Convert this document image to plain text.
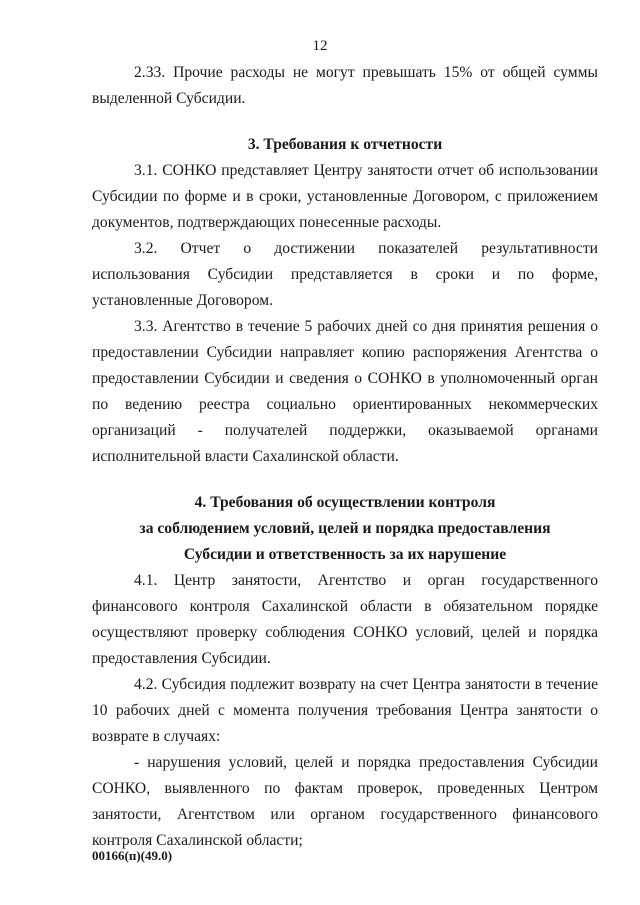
12

2.33. Прочие расходы не могут превышать 15% от общей суммы выделенной Субсидии.

3. Требования к отчетности

3.1. СОНКО представляет Центру занятости отчет об использовании Субсидии по форме и в сроки, установленные Договором, с приложением документов, подтверждающих понесенные расходы.

3.2. Отчет о достижении показателей результативности использования Субсидии представляется в сроки и по форме, установленные Договором.

3.3. Агентство в течение 5 рабочих дней со дня принятия решения о предоставлении Субсидии направляет копию распоряжения Агентства о предоставлении Субсидии и сведения о СОНКО в уполномоченный орган по ведению реестра социально ориентированных некоммерческих организаций - получателей поддержки, оказываемой органами исполнительной власти Сахалинской области.

4. Требования об осуществлении контроля
за соблюдением условий, целей и порядка предоставления
Субсидии и ответственность за их нарушение

4.1. Центр занятости, Агентство и орган государственного финансового контроля Сахалинской области в обязательном порядке осуществляют проверку соблюдения СОНКО условий, целей и порядка предоставления Субсидии.

4.2. Субсидия подлежит возврату на счет Центра занятости в течение 10 рабочих дней с момента получения требования Центра занятости о возврате в случаях:

- нарушения условий, целей и порядка предоставления Субсидии СОНКО, выявленного по фактам проверок, проведенных Центром занятости, Агентством или органом государственного финансового контроля Сахалинской области;

00166(п)(49.0)
